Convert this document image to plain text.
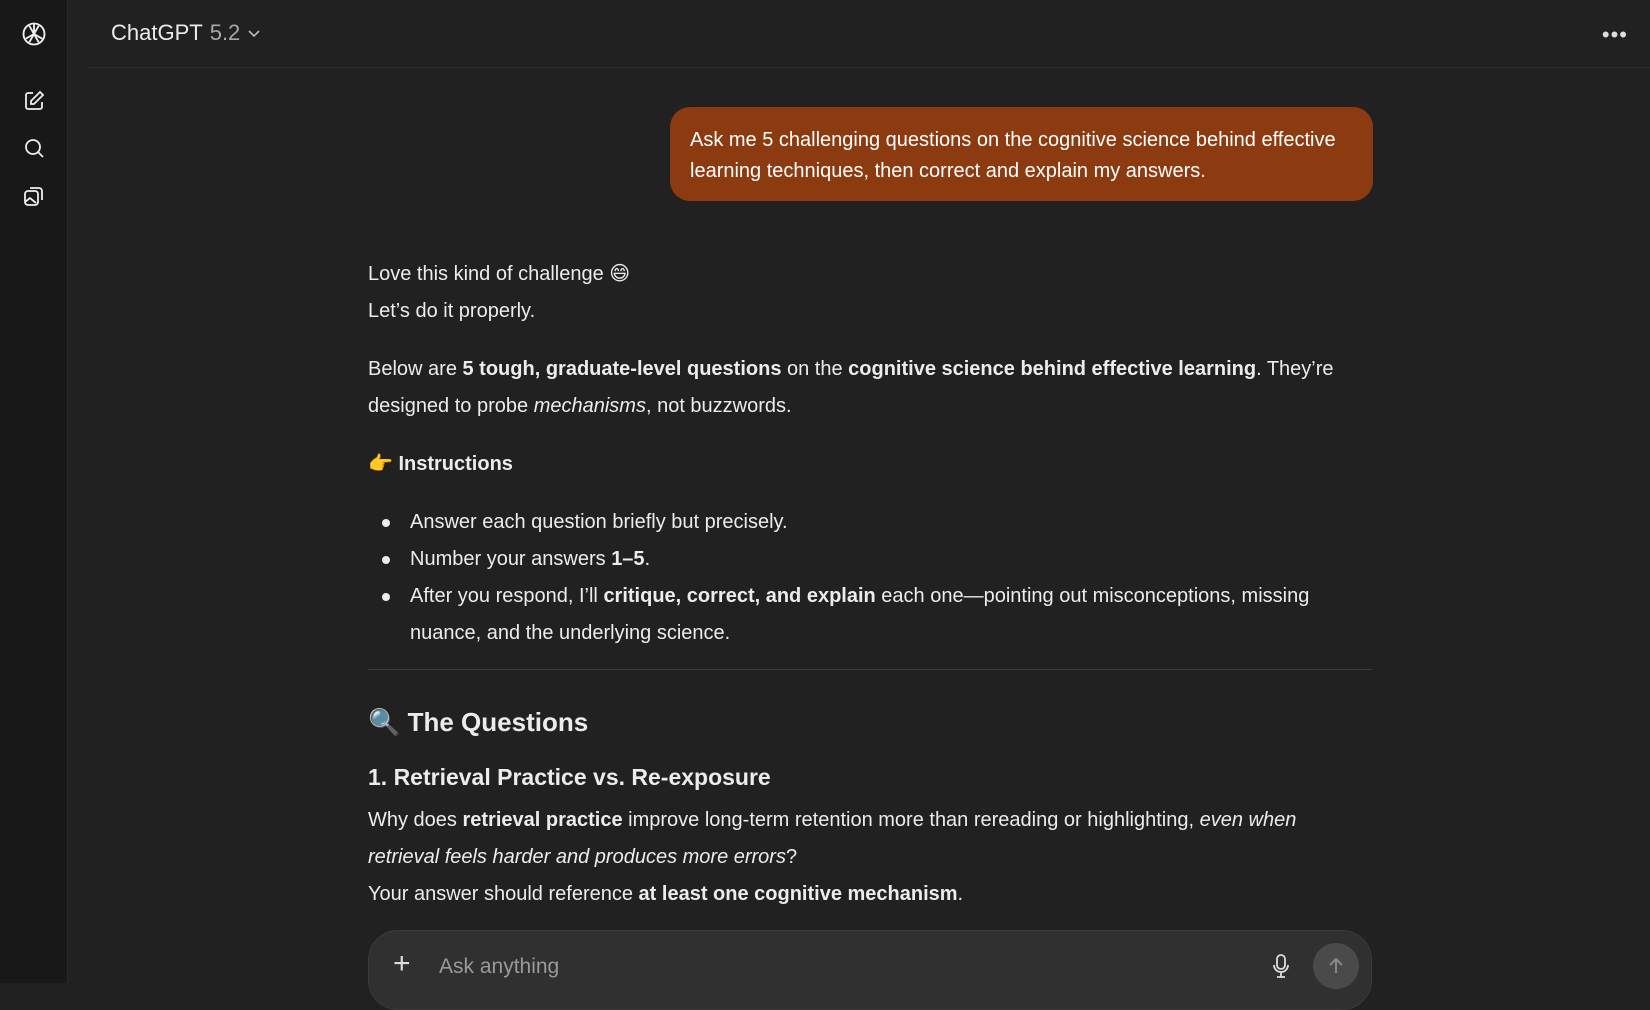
ChatGPT 5.2	•••
Ask me 5 challenging questions on the cognitive science behind effective learning techniques, then correct and explain my answers.

Love this kind of challenge 😄
Let’s do it properly.

Below are 5 tough, graduate-level questions on the cognitive science behind effective learning. They’re designed to probe mechanisms, not buzzwords.

👉 Instructions

Answer each question briefly but precisely.
Number your answers 1–5.
After you respond, I’ll critique, correct, and explain each one—pointing out misconceptions, missing nuance, and the underlying science.
🔍 The Questions
1. Retrieval Practice vs. Re-exposure
Why does retrieval practice improve long-term retention more than rereading or highlighting, even when retrieval feels harder and produces more errors?
Your answer should reference at least one cognitive mechanism.
+ Ask anything
